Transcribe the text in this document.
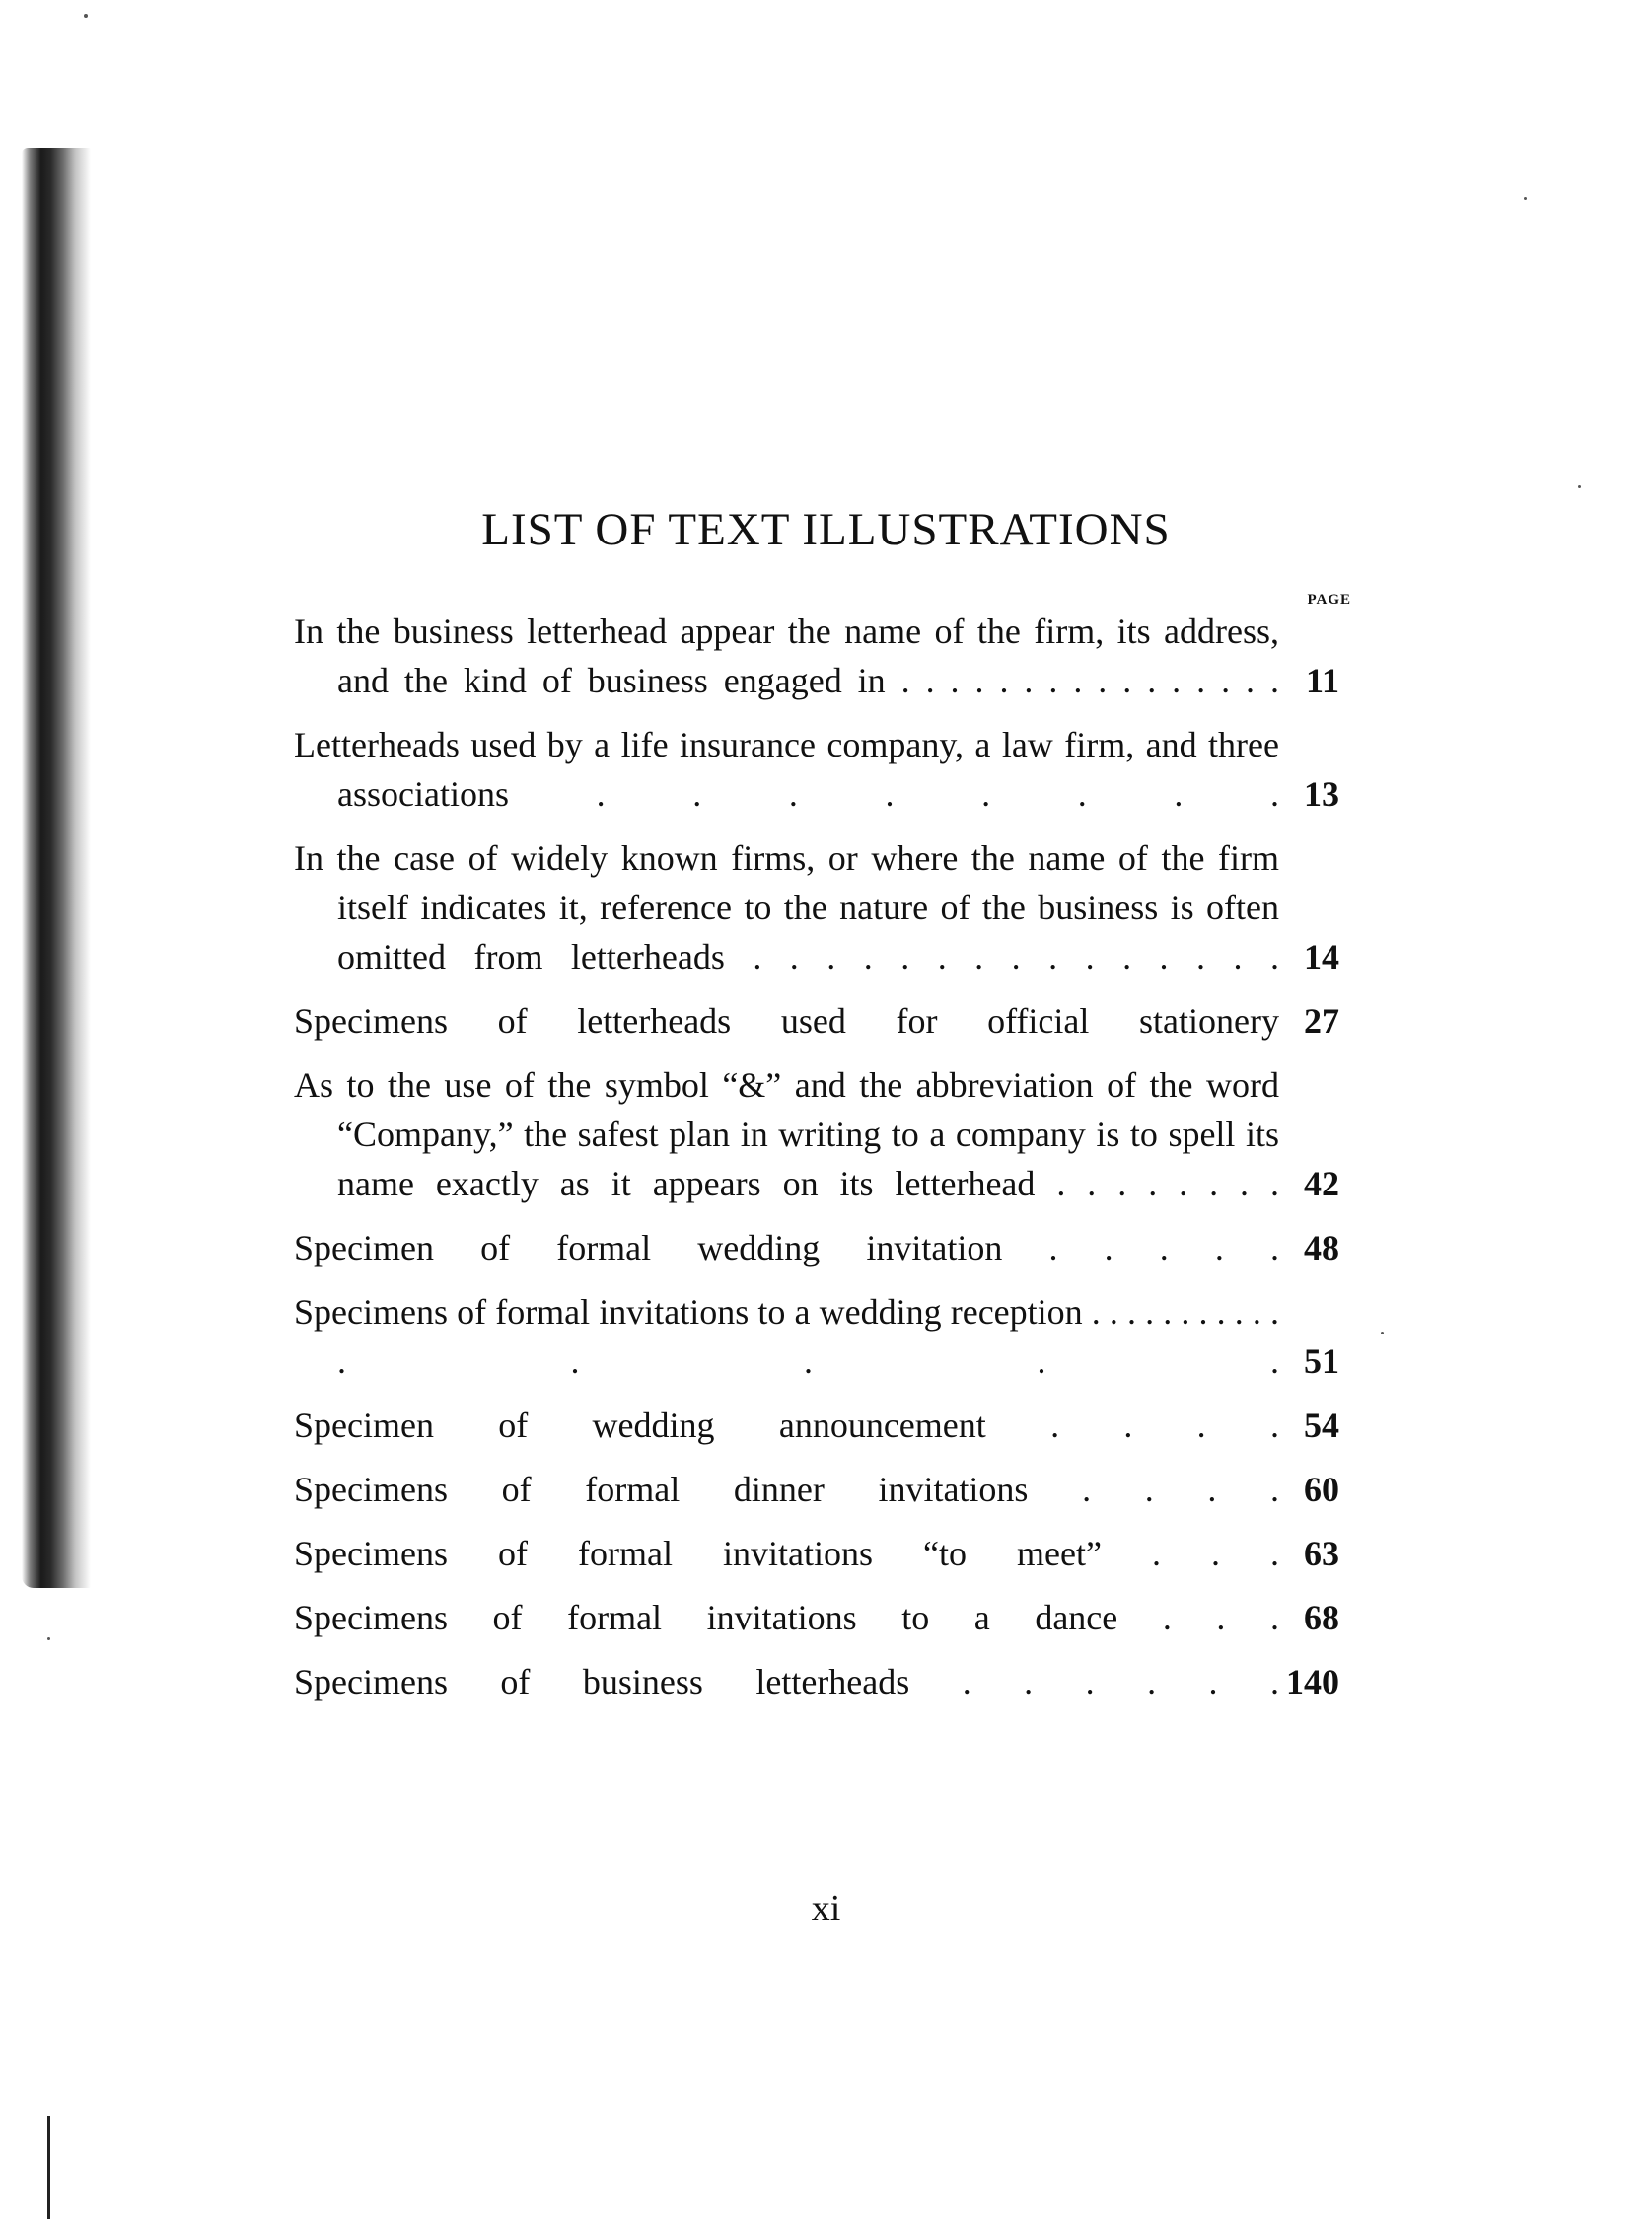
LIST OF TEXT ILLUSTRATIONS
PAGE
In the business letterhead appear the name of the firm, its address, and the kind of business engaged in . . . . . . . . . . . . . . . . 11
Letterheads used by a life insurance company, a law firm, and three associations . . . . . . . . 13
In the case of widely known firms, or where the name of the firm itself indicates it, reference to the nature of the business is often omitted from letterheads . . . . . . . . . . . . . . . 14
Specimens of letterheads used for official stationery 27
As to the use of the symbol “&” and the abbreviation of the word “Company,” the safest plan in writing to a company is to spell its name exactly as it appears on its letterhead . . . . . . . . 42
Specimen of formal wedding invitation . . . . . 48
Specimens of formal invitations to a wedding reception . . . . . . . . . . . . . . . . 51
Specimen of wedding announcement . . . . 54
Specimens of formal dinner invitations . . . . 60
Specimens of formal invitations “to meet” . . . 63
Specimens of formal invitations to a dance . . . 68
Specimens of business letterheads . . . . . . 140
xi
